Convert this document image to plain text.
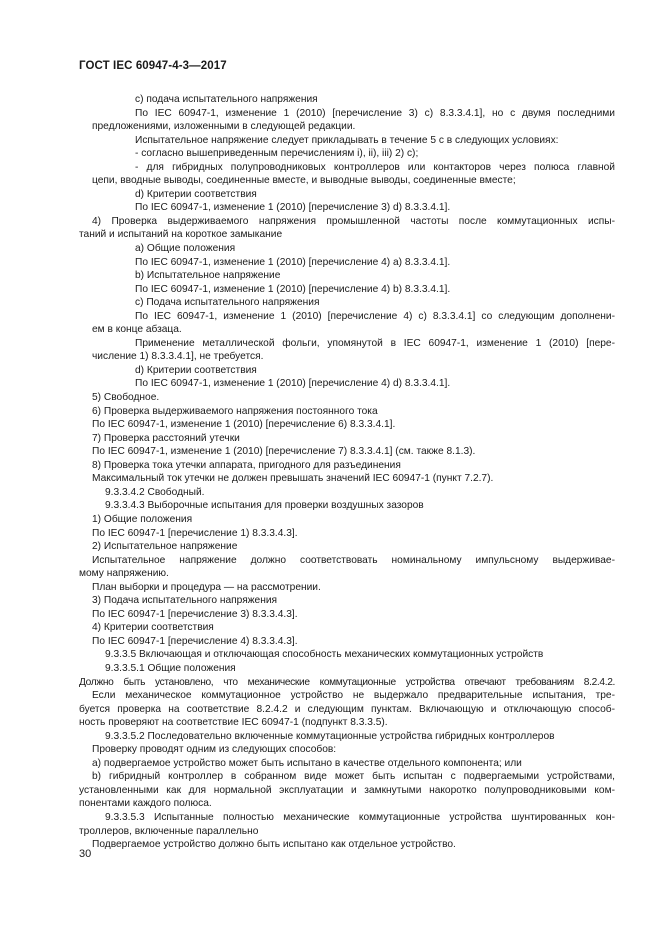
ГОСТ IEC 60947-4-3—2017
c) подача испытательного напряжения
По IEC 60947-1, изменение 1 (2010) [перечисление 3) c) 8.3.3.4.1], но с двумя последними
предложениями, изложенными в следующей редакции.
Испытательное напряжение следует прикладывать в течение 5 с в следующих условиях:
- согласно вышеприведенным перечислениям i), ii), iii) 2) c);
- для гибридных полупроводниковых контроллеров или контакторов через полюса главной
цепи, вводные выводы, соединенные вместе, и выводные выводы, соединенные вместе;
d) Критерии соответствия
По IEC 60947-1, изменение 1 (2010) [перечисление 3) d) 8.3.3.4.1].
4) Проверка выдерживаемого напряжения промышленной частоты после коммутационных испы-
таний и испытаний на короткое замыкание
a) Общие положения
По IEC 60947-1, изменение 1 (2010) [перечисление 4) a) 8.3.3.4.1].
b) Испытательное напряжение
По IEC 60947-1, изменение 1 (2010) [перечисление 4) b) 8.3.3.4.1].
c) Подача испытательного напряжения
По IEC 60947-1, изменение 1 (2010) [перечисление 4) c) 8.3.3.4.1] со следующим дополнени-
ем в конце абзаца.
Применение металлической фольги, упомянутой в IEC 60947-1, изменение 1 (2010) [пере-
числение 1) 8.3.3.4.1], не требуется.
d) Критерии соответствия
По IEC 60947-1, изменение 1 (2010) [перечисление 4) d) 8.3.3.4.1].
5) Свободное.
6) Проверка выдерживаемого напряжения постоянного тока
По IEC 60947-1, изменение 1 (2010) [перечисление 6) 8.3.3.4.1].
7) Проверка расстояний утечки
По IEC 60947-1, изменение 1 (2010) [перечисление 7) 8.3.3.4.1] (см. также 8.1.3).
8) Проверка тока утечки аппарата, пригодного для разъединения
Максимальный ток утечки не должен превышать значений IEC 60947-1 (пункт 7.2.7).
9.3.3.4.2 Свободный.
9.3.3.4.3 Выборочные испытания для проверки воздушных зазоров
1) Общие положения
По IEC 60947-1 [перечисление 1) 8.3.3.4.3].
2) Испытательное напряжение
Испытательное напряжение должно соответствовать номинальному импульсному выдерживае-
мому напряжению.
План выборки и процедура — на рассмотрении.
3) Подача испытательного напряжения
По IEC 60947-1 [перечисление 3) 8.3.3.4.3].
4) Критерии соответствия
По IEC 60947-1 [перечисление 4) 8.3.3.4.3].
9.3.3.5 Включающая и отключающая способность механических коммутационных устройств
9.3.3.5.1 Общие положения
Должно быть установлено, что механические коммутационные устройства отвечают требованиям 8.2.4.2.
Если механическое коммутационное устройство не выдержало предварительные испытания, тре-
буется проверка на соответствие 8.2.4.2 и следующим пунктам. Включающую и отключающую способ-
ность проверяют на соответствие IEC 60947-1 (подпункт 8.3.3.5).
9.3.3.5.2 Последовательно включенные коммутационные устройства гибридных контроллеров
Проверку проводят одним из следующих способов:
a) подвергаемое устройство может быть испытано в качестве отдельного компонента; или
b) гибридный контроллер в собранном виде может быть испытан с подвергаемыми устройствами,
установленными как для нормальной эксплуатации и замкнутыми накоротко полупроводниковыми ком-
понентами каждого полюса.
9.3.3.5.3 Испытанные полностью механические коммутационные устройства шунтированных кон-
троллеров, включенные параллельно
Подвергаемое устройство должно быть испытано как отдельное устройство.
30
